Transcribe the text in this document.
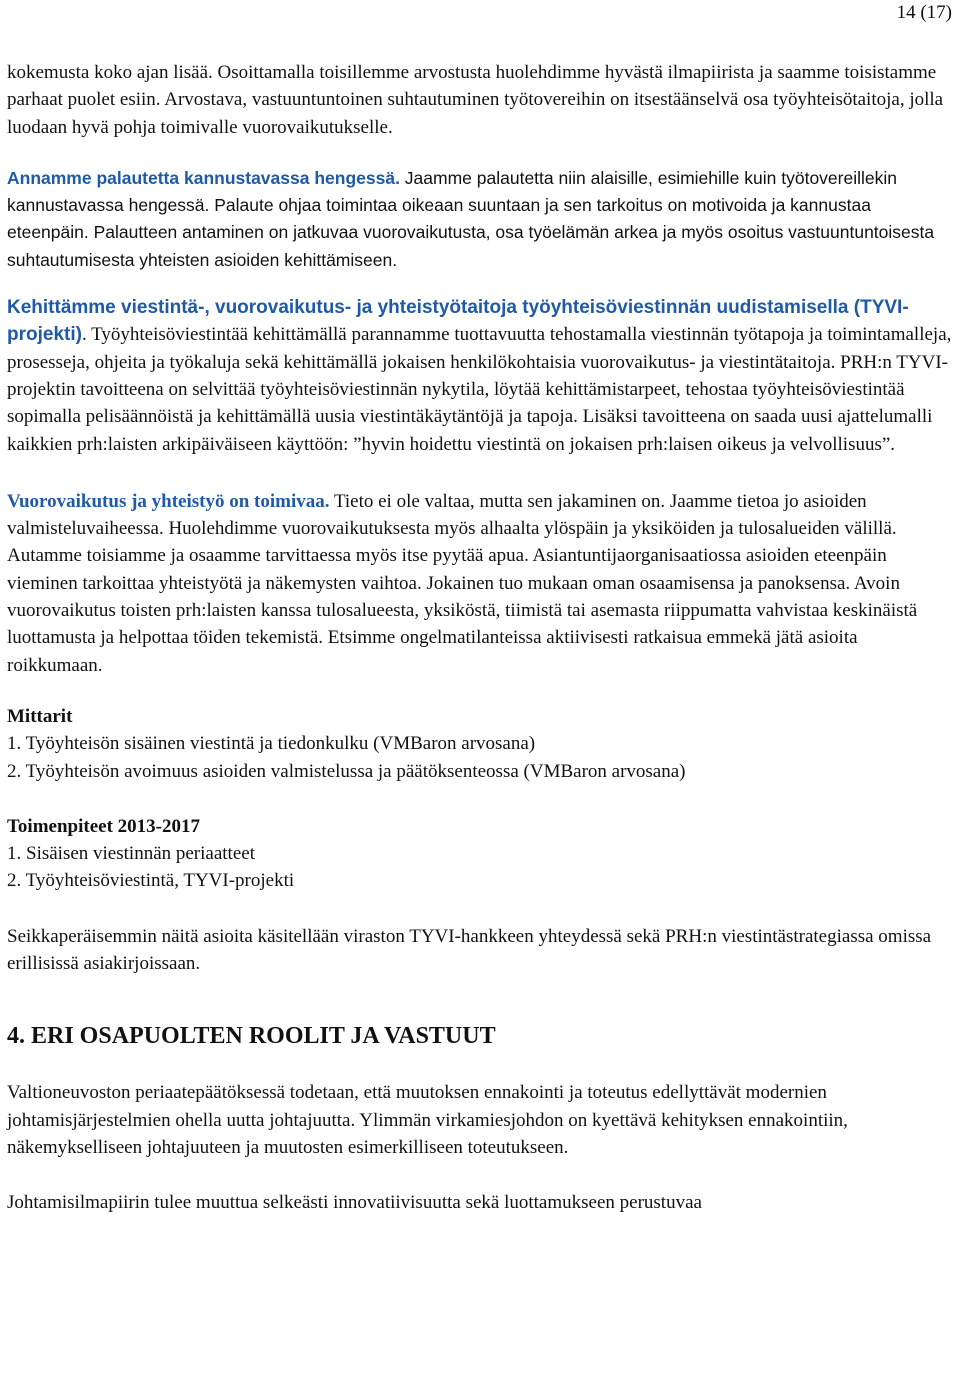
14 (17)

kokemusta koko ajan lisää. Osoittamalla toisillemme arvostusta huolehdimme hyvästä ilmapiirista ja saamme toisistamme parhaat puolet esiin. Arvostava, vastuuntuntoinen suhtautuminen työtovereihin on itsestäänselvä osa työyhteisötaitoja, jolla luodaan hyvä pohja toimivalle vuorovaikutukselle.

Annamme palautetta kannustavassa hengessä. Jaamme palautetta niin alaisille, esimiehille kuin työtovereillekin kannustavassa hengessä. Palaute ohjaa toimintaa oikeaan suuntaan ja sen tarkoitus on motivoida ja kannustaa eteenpäin. Palautteen antaminen on jatkuvaa vuorovaikutusta, osa työelämän arkea ja myös osoitus vastuuntuntoisesta suhtautumisesta yhteisten asioiden kehittämiseen.

Kehittämme viestintä-, vuorovaikutus- ja yhteistyötaitoja työyhteisöviestinnän uudistamisella (TYVI-projekti). Työyhteisöviestintää kehittämällä parannamme tuottavuutta tehostamalla viestinnän työtapoja ja toimintamalleja, prosesseja, ohjeita ja työkaluja sekä kehittämällä jokaisen henkilökohtaisia vuorovaikutus- ja viestintätaitoja. PRH:n TYVI-projektin tavoitteena on selvittää työyhteisöviestinnän nykytila, löytää kehittämistarpeet, tehostaa työyhteisöviestintää sopimalla pelisäännöistä ja kehittämällä uusia viestintäkäytäntöjä ja tapoja. Lisäksi tavoitteena on saada uusi ajattelumalli kaikkien prh:laisten arkipäiväiseen käyttöön: ”hyvin hoidettu viestintä on jokaisen prh:laisen oikeus ja velvollisuus”.

Vuorovaikutus ja yhteistyö on toimivaa. Tieto ei ole valtaa, mutta sen jakaminen on. Jaamme tietoa jo asioiden valmisteluvaiheessa. Huolehdimme vuorovaikutuksesta myös alhaalta ylöspäin ja yksiköiden ja tulosalueiden välillä. Autamme toisiamme ja osaamme tarvittaessa myös itse pyytää apua. Asiantuntijaorganisaatiossa asioiden eteenpäin vieminen tarkoittaa yhteistyötä ja näkemysten vaihtoa. Jokainen tuo mukaan oman osaamisensa ja panoksensa. Avoin vuorovaikutus toisten prh:laisten kanssa tulosalueesta, yksiköstä, tiimistä tai asemasta riippumatta vahvistaa keskinäistä luottamusta ja helpottaa töiden tekemistä. Etsimme ongelmatilanteissa aktiivisesti ratkaisua emmekä jätä asioita roikkumaan.

Mittarit

1. Työyhteisön sisäinen viestintä ja tiedonkulku (VMBaron arvosana)

2. Työyhteisön avoimuus asioiden valmistelussa ja päätöksenteossa (VMBaron arvosana)

Toimenpiteet 2013-2017

1. Sisäisen viestinnän periaatteet

2. Työyhteisöviestintä, TYVI-projekti

Seikkaperäisemmin näitä asioita käsitellään viraston TYVI-hankkeen yhteydessä sekä PRH:n viestintästrategiassa omissa erillisissä asiakirjoissaan.

4. ERI OSAPUOLTEN ROOLIT JA VASTUUT

Valtioneuvoston periaatepäätöksessä todetaan, että muutoksen ennakointi ja toteutus edellyttävät modernien johtamisjärjestelmien ohella uutta johtajuutta. Ylimmän virkamiesjohdon on kyettävä kehityksen ennakointiin, näkemykselliseen johtajuuteen ja muutosten esimerkilliseen toteutukseen.

Johtamisilmapiirin tulee muuttua selkeästi innovatiivisuutta sekä luottamukseen perustuvaa
